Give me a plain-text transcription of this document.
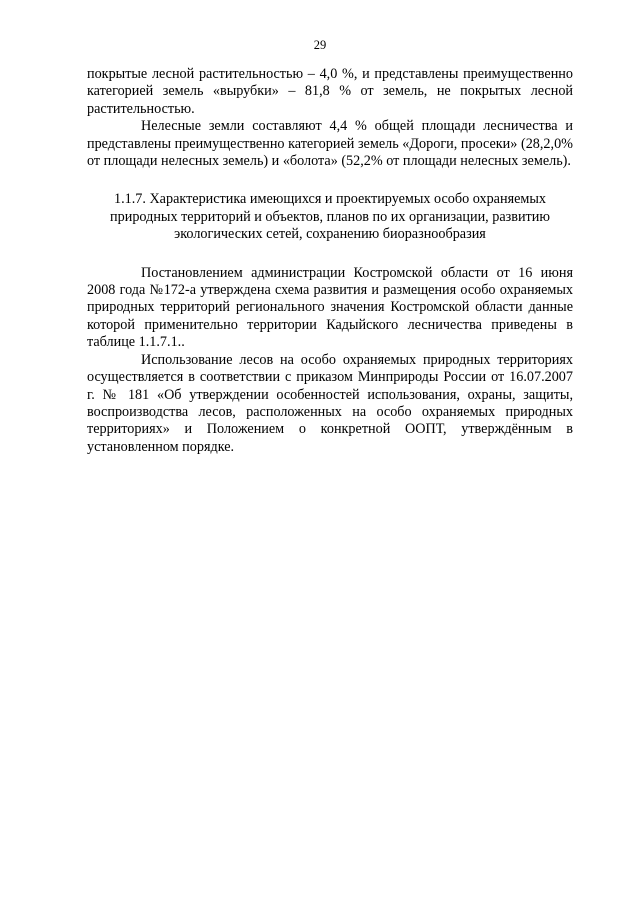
29

покрытые лесной растительностью – 4,0 %, и представлены преимущественно категорией земель «вырубки» – 81,8 % от земель, не покрытых лесной растительностью.

Нелесные земли составляют 4,4 % общей площади лесничества и представлены преимущественно категорией земель «Дороги, просеки» (28,2,0% от площади нелесных земель) и «болота» (52,2% от площади нелесных земель).

1.1.7. Характеристика имеющихся и проектируемых особо охраняемых природных территорий и объектов, планов по их организации, развитию экологических сетей, сохранению биоразнообразия

Постановлением администрации Костромской области от 16 июня 2008 года №172-а утверждена схема развития и размещения особо охраняемых природных территорий регионального значения Костромской области данные которой применительно территории Кадыйского лесничества приведены в таблице 1.1.7.1..

Использование лесов на особо охраняемых природных территориях осуществляется в соответствии с приказом Минприроды России от 16.07.2007 г. № 181 «Об утверждении особенностей использования, охраны, защиты, воспроизводства лесов, расположенных на особо охраняемых природных территориях» и Положением о конкретной ООПТ, утверждённым в установленном порядке.
